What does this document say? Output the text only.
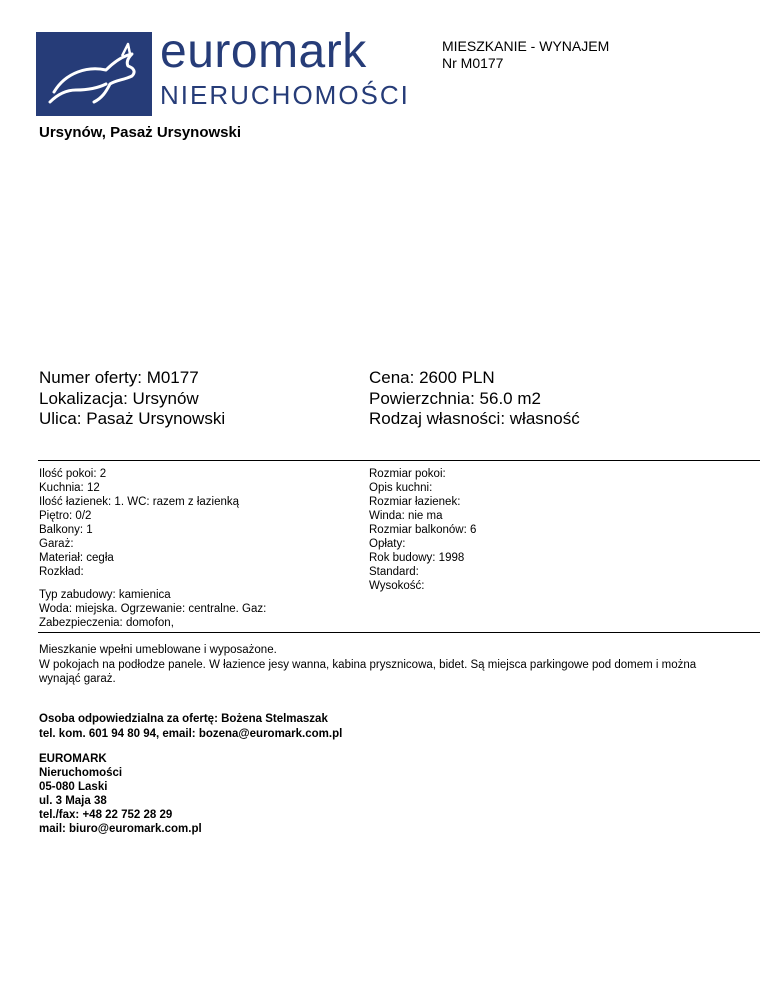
euromark
NIERUCHOMOŚCI
MIESZKANIE - WYNAJEM
Nr M0177
Ursynów, Pasaż Ursynowski
Numer oferty: M0177
Lokalizacja: Ursynów
Ulica: Pasaż Ursynowski
Cena: 2600 PLN
Powierzchnia: 56.0 m2
Rodzaj własności: własność
Ilość pokoi: 2
Kuchnia: 12
Ilość łazienek: 1. WC: razem z łazienką
Piętro: 0/2
Balkony: 1
Garaż:
Materiał: cegła
Rozkład:
Rozmiar pokoi:
Opis kuchni:
Rozmiar łazienek:
Winda: nie ma
Rozmiar balkonów: 6
Opłaty:
Rok budowy: 1998
Standard:
Wysokość:
Typ zabudowy: kamienica
Woda: miejska. Ogrzewanie: centralne. Gaz:
Zabezpieczenia: domofon,
Mieszkanie wpełni umeblowane i wyposażone.
W pokojach na podłodze panele. W łazience jesy wanna, kabina prysznicowa, bidet. Są miejsca parkingowe pod domem i można wynająć garaż.
Osoba odpowiedzialna za ofertę: Bożena Stelmaszak
tel. kom. 601 94 80 94, email: bozena@euromark.com.pl
EUROMARK
Nieruchomości
05-080 Laski
ul. 3 Maja 38
tel./fax: +48 22 752 28 29
mail: biuro@euromark.com.pl
